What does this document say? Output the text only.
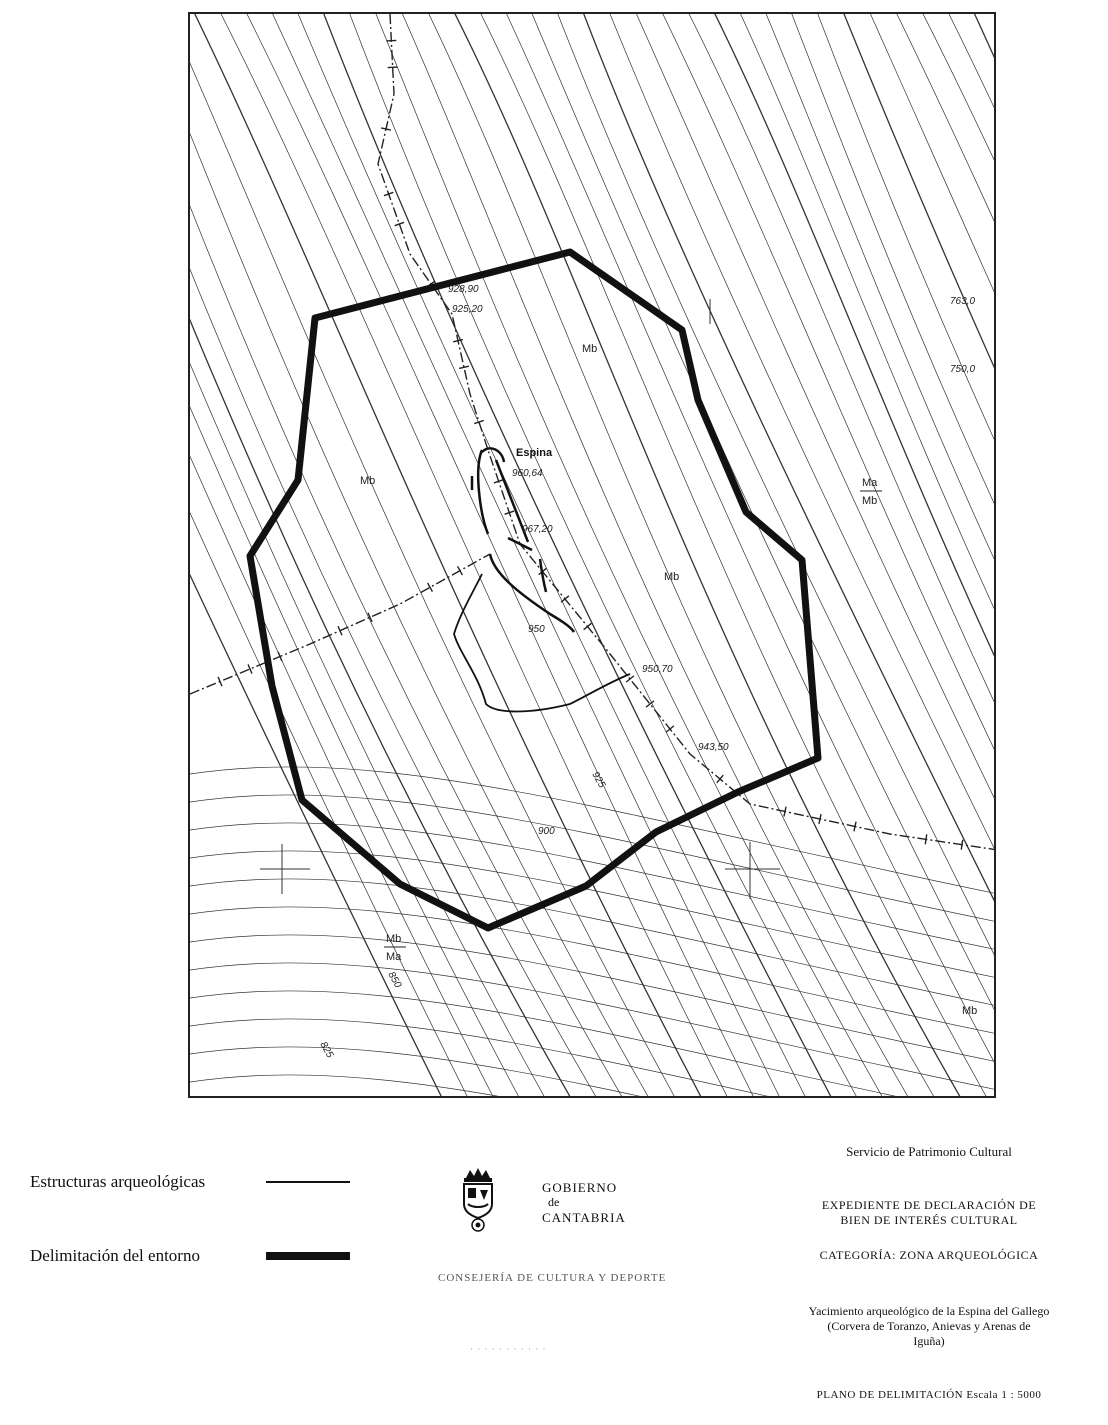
Espina
928,90
925,20
960,64
967,20
950,70
943,50
763,0
750,0
950
925
900
850
825
Mb
Mb
Mb
Mb
Ma
Mb
Mb
Ma
Estructuras arqueológicas
Delimitación del entorno
GOBIERNO
de
CANTABRIA
CONSEJERÍA DE CULTURA Y DEPORTE
· · · · · · · · · · ·
Servicio de Patrimonio Cultural
EXPEDIENTE DE DECLARACIÓN DE
BIEN DE INTERÉS CULTURAL
CATEGORÍA: ZONA ARQUEOLÓGICA
Yacimiento arqueológico de la Espina del Gallego
(Corvera de Toranzo, Anievas y Arenas de
Iguña)
PLANO DE DELIMITACIÓN Escala 1 : 5000
